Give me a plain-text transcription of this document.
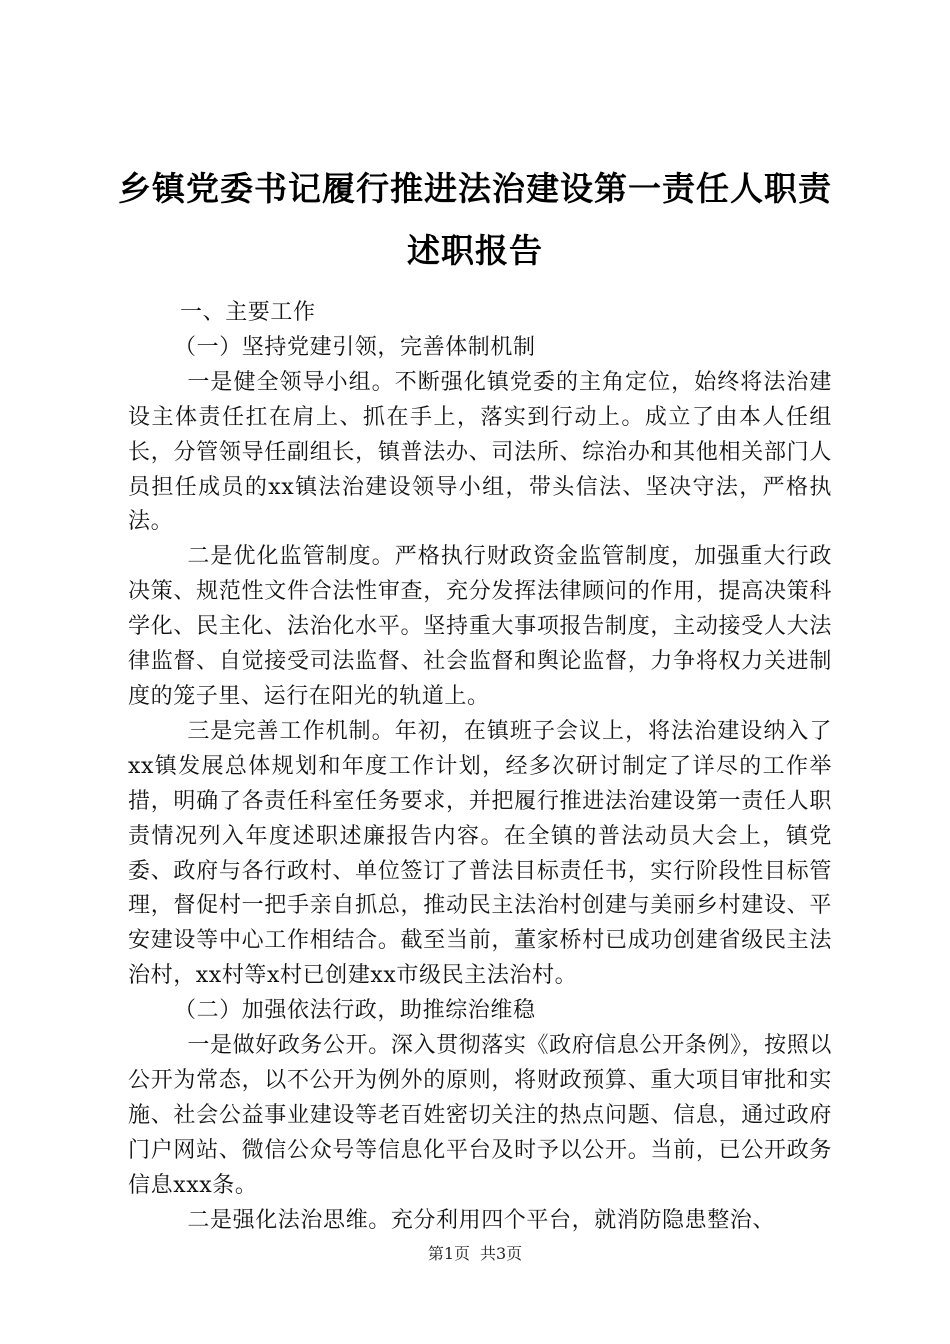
乡镇党委书记履行推进法治建设第一责任人职责述职报告

一、主要工作

（一）坚持党建引领，完善体制机制

一是健全领导小组。不断强化镇党委的主角定位，始终将法治建设主体责任扛在肩上、抓在手上，落实到行动上。成立了由本人任组长，分管领导任副组长，镇普法办、司法所、综治办和其他相关部门人员担任成员的xx镇法治建设领导小组，带头信法、坚决守法，严格执法。

二是优化监管制度。严格执行财政资金监管制度，加强重大行政决策、规范性文件合法性审查，充分发挥法律顾问的作用，提高决策科学化、民主化、法治化水平。坚持重大事项报告制度，主动接受人大法律监督、自觉接受司法监督、社会监督和舆论监督，力争将权力关进制度的笼子里、运行在阳光的轨道上。

三是完善工作机制。年初，在镇班子会议上，将法治建设纳入了xx镇发展总体规划和年度工作计划，经多次研讨制定了详尽的工作举措，明确了各责任科室任务要求，并把履行推进法治建设第一责任人职责情况列入年度述职述廉报告内容。在全镇的普法动员大会上，镇党委、政府与各行政村、单位签订了普法目标责任书，实行阶段性目标管理，督促村一把手亲自抓总，推动民主法治村创建与美丽乡村建设、平安建设等中心工作相结合。截至当前，董家桥村已成功创建省级民主法治村，xx村等x村已创建xx市级民主法治村。

（二）加强依法行政，助推综治维稳

一是做好政务公开。深入贯彻落实《政府信息公开条例》，按照以公开为常态，以不公开为例外的原则，将财政预算、重大项目审批和实施、社会公益事业建设等老百姓密切关注的热点问题、信息，通过政府门户网站、微信公众号等信息化平台及时予以公开。当前，已公开政务信息xxx条。

二是强化法治思维。充分利用四个平台，就消防隐患整治、

第1页 共3页
